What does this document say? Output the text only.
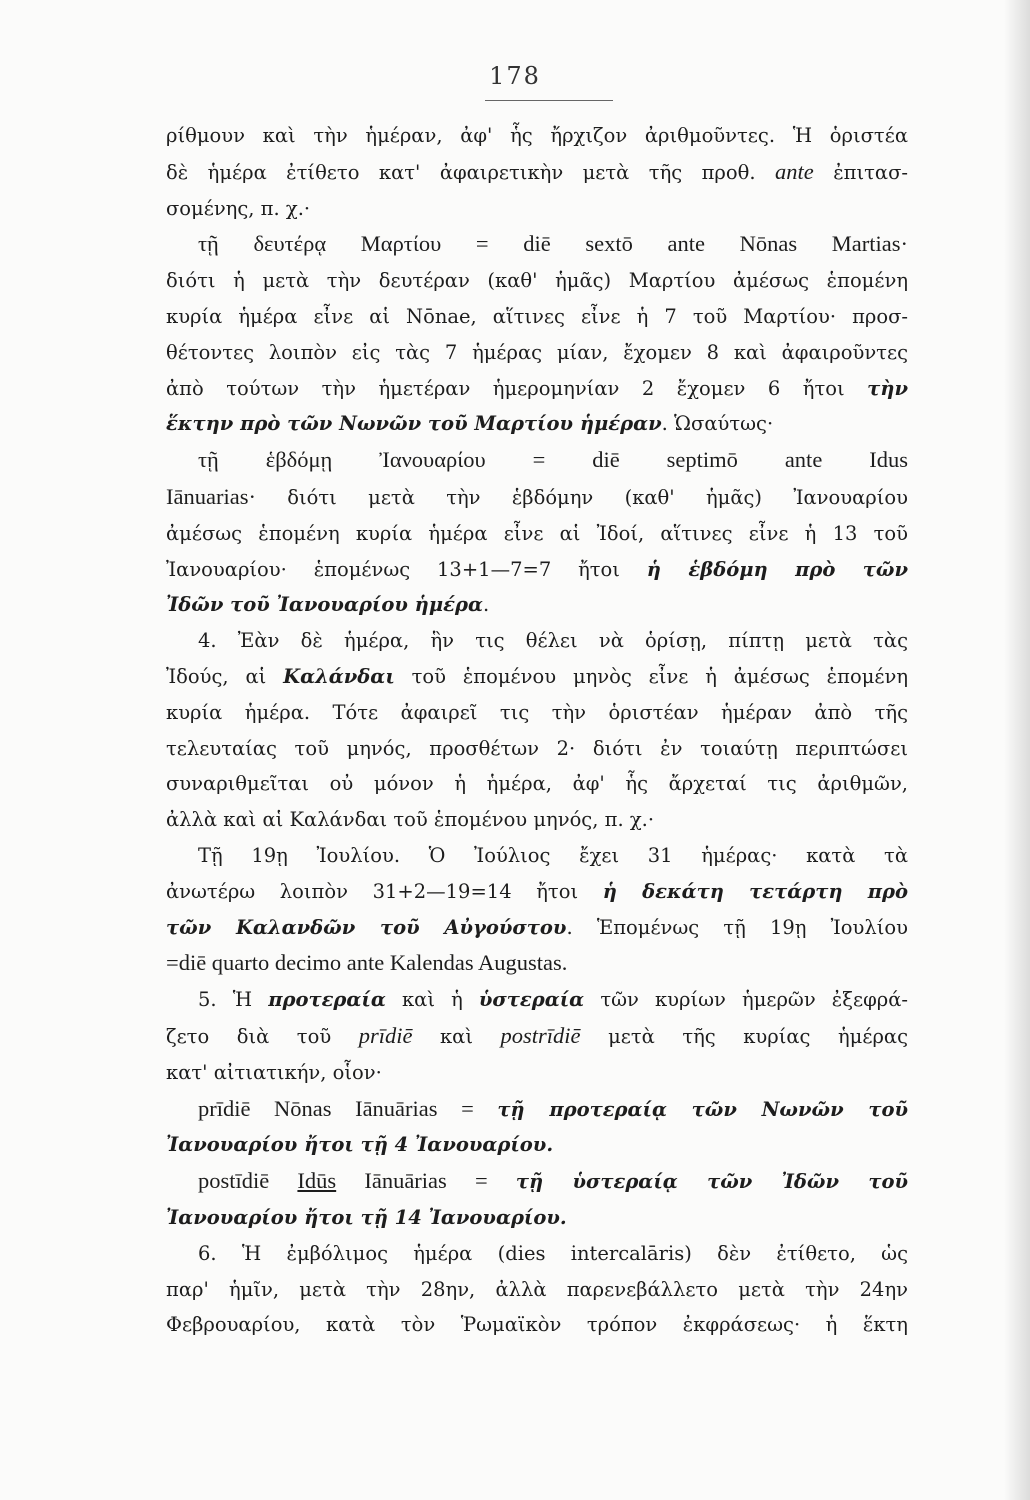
178

ρίθμουν καὶ τὴν ἡμέραν, ἀφ' ἧς ἤρχιζον ἀριθμοῦντες. Ἡ ὁριστέα

δὲ ἡμέρα ἐτίθετο κατ' ἀφαιρετικὴν μετὰ τῆς προθ. ante ἐπιτασ-

σομένης, π. χ.·

τῇ δευτέρᾳ Μαρτίου = diē sextō ante Nōnas Martias·

διότι ἡ μετὰ τὴν δευτέραν (καθ' ἡμᾶς) Μαρτίου ἀμέσως ἑπομένη

κυρία ἡμέρα εἶνε αἱ Nōnae, αἵτινες εἶνε ἡ 7 τοῦ Μαρτίου· προσ-

θέτοντες λοιπὸν εἰς τὰς 7 ἡμέρας μίαν, ἔχομεν 8 καὶ ἀφαιροῦντες

ἀπὸ τούτων τὴν ἡμετέραν ἡμερομηνίαν 2 ἔχομεν 6 ἤτοι τὴν

ἕκτην πρὸ τῶν Νωνῶν τοῦ Μαρτίου ἡμέραν. Ὡσαύτως·

τῇ ἑβδόμῃ Ἰανουαρίου = diē septimō ante Idus

Iānuarias· διότι μετὰ τὴν ἑβδόμην (καθ' ἡμᾶς) Ἰανουαρίου

ἀμέσως ἑπομένη κυρία ἡμέρα εἶνε αἱ Ἰδοί, αἵτινες εἶνε ἡ 13 τοῦ

Ἰανουαρίου· ἑπομένως 13+1—7=7 ἤτοι ἡ ἑβδόμη πρὸ τῶν

Ἰδῶν τοῦ Ἰανουαρίου ἡμέρα.

4. Ἐὰν δὲ ἡμέρα, ἣν τις θέλει νὰ ὁρίσῃ, πίπτῃ μετὰ τὰς

Ἰδούς, αἱ Καλάνδαι τοῦ ἑπομένου μηνὸς εἶνε ἡ ἀμέσως ἑπομένη

κυρία ἡμέρα. Τότε ἀφαιρεῖ τις τὴν ὁριστέαν ἡμέραν ἀπὸ τῆς

τελευταίας τοῦ μηνός, προσθέτων 2· διότι ἐν τοιαύτῃ περιπτώσει

συναριθμεῖται οὐ μόνον ἡ ἡμέρα, ἀφ' ἧς ἄρχεταί τις ἀριθμῶν,

ἀλλὰ καὶ αἱ Καλάνδαι τοῦ ἑπομένου μηνός, π. χ.·

Τῇ 19ῃ Ἰουλίου. Ὁ Ἰούλιος ἔχει 31 ἡμέρας· κατὰ τὰ

ἀνωτέρω λοιπὸν 31+2—19=14 ἤτοι ἡ δεκάτη τετάρτη πρὸ

τῶν Καλανδῶν τοῦ Αὐγούστου. Ἑπομένως τῇ 19ῃ Ἰουλίου

=diē quarto decimo ante Kalendas Augustas.

5. Ἡ προτεραία καὶ ἡ ὑστεραία τῶν κυρίων ἡμερῶν ἐξεφρά-

ζετο διὰ τοῦ prīdiē καὶ postrīdiē μετὰ τῆς κυρίας ἡμέρας

κατ' αἰτιατικήν, οἷον·

prīdiē Nōnas Iānuārias = τῇ προτεραίᾳ τῶν Νωνῶν τοῦ

Ἰανουαρίου ἤτοι τῇ 4 Ἰανουαρίου.

postīdiē Idūs Iānuārias = τῇ ὑστεραίᾳ τῶν Ἰδῶν τοῦ

Ἰανουαρίου ἤτοι τῇ 14 Ἰανουαρίου.

6. Ἡ ἐμβόλιμος ἡμέρα (dies intercalāris) δὲν ἐτίθετο, ὡς

παρ' ἡμῖν, μετὰ τὴν 28ην, ἀλλὰ παρενεβάλλετο μετὰ τὴν 24ην

Φεβρουαρίου, κατὰ τὸν Ῥωμαϊκὸν τρόπον ἐκφράσεως· ἡ ἕκτη
